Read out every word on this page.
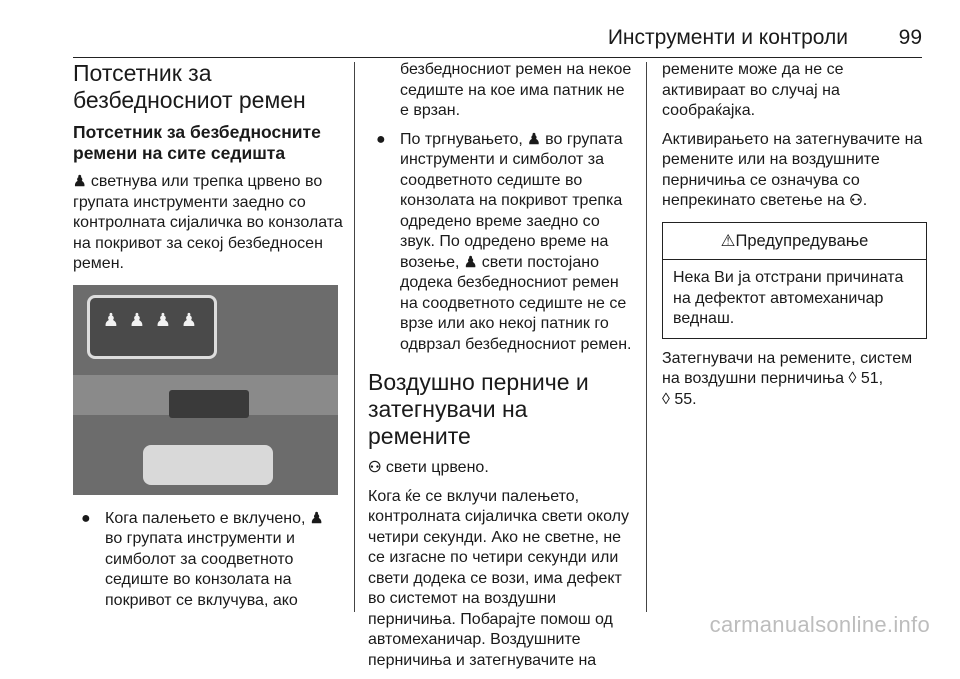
Инструменти и контроли 99
Потсетник за безбедносниот ремен
Потсетник за безбедносните ремени на сите седишта

♟ светнува или трепка црвено во групата инструменти заедно со контролната сијаличка во конзолата на покривот за секој безбедносен ремен.

♟ ♟ ♟ ♟
● Кога палењето е вклучено, ♟ во групата инструменти и симболот за соодветното седиште во конзолата на покривот се вклучува, ако
безбедносниот ремен на некое седиште на кое има патник не е врзан.
● По тргнувањето, ♟ во групата инструменти и симболот за соодветното седиште во конзолата на покривот трепка одредено време заедно со звук. По одредено време на возење, ♟ свети постојано додека безбедносниот ремен на соодветното седиште не се врзе или ако некој патник го одврзал безбедносниот ремен.
Воздушно перниче и затегнувачи на ремените

⚇ свети црвено.

Кога ќе се вклучи палењето, контролната сијаличка свети околу четири секунди. Ако не светне, не се изгасне по четири секунди или свети додека се вози, има дефект во системот на воздушни перничиња. Побарајте помош од автомеханичар. Воздушните перничиња и затегнувачите на

ремените може да не се активираат во случај на сообраќајка.

Активирањето на затегнувачите на ремените или на воздушните перничиња се означува со непрекинато светење на ⚇.

⚠Предупредување
Нека Ви ја отстрани причината на дефектот автомеханичар веднаш.

Затегнувачи на ремените, систем на воздушни перничиња ◊ 51,
◊ 55.

carmanualsonline.info
